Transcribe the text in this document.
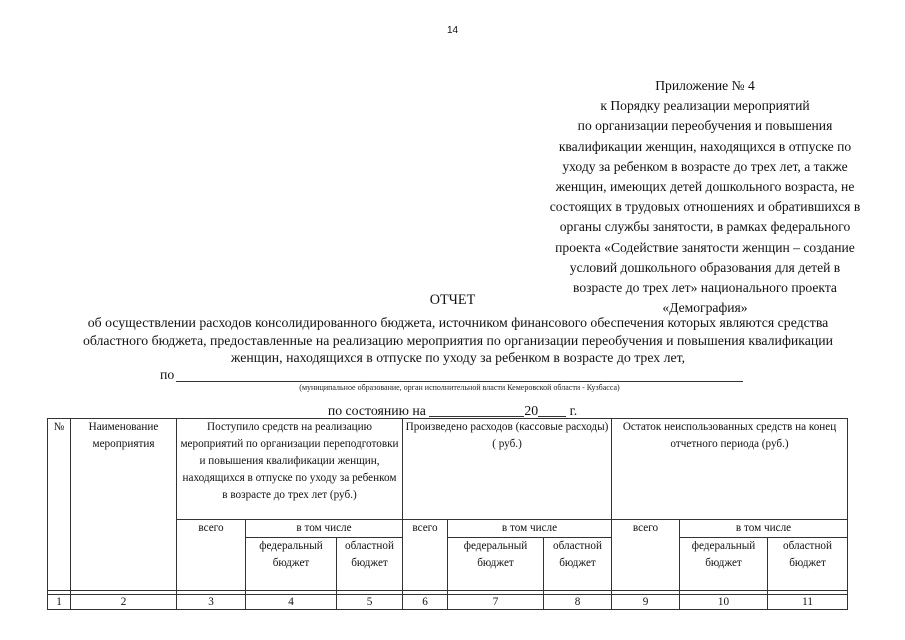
14
Приложение № 4
к Порядку реализации мероприятий
по организации переобучения и повышения
квалификации женщин, находящихся в отпуске по
уходу за ребенком в возрасте до трех лет, а также
женщин, имеющих детей дошкольного возраста, не
состоящих в трудовых отношениях и обратившихся в
органы службы занятости, в рамках федерального
проекта «Содействие занятости женщин – создание
условий дошкольного образования для детей в
возрасте до трех лет» национального проекта
«Демография»
ОТЧЕТ
об осуществлении расходов консолидированного бюджета, источником финансового обеспечения которых являются средства
областного бюджета, предоставленные на реализацию мероприятия по организации переобучения и повышения квалификации
женщин, находящихся в отпуске по уходу за ребенком в возрасте до трех лет,
по
(муниципальное образование, орган исполнительной власти Кемеровской области - Кузбасса)
по состоянию на	20 г.
№	Наименование мероприятия	Поступило средств на реализацию мероприятий по организации переподготовки и повышения квалификации женщин, находящихся в отпуске по уходу за ребенком в возрасте до трех лет (руб.)			Произведено расходов (кассовые расходы) ( руб.)			Остаток неиспользованных средств на конец отчетного периода (руб.)		
		всего	в том числе		всего	в том числе		всего	в том числе	
			федеральный бюджет	областной бюджет		федеральный бюджет	областной бюджет		федеральный бюджет	областной бюджет

1	2	3	4	5	6	7	8	9	10	11
